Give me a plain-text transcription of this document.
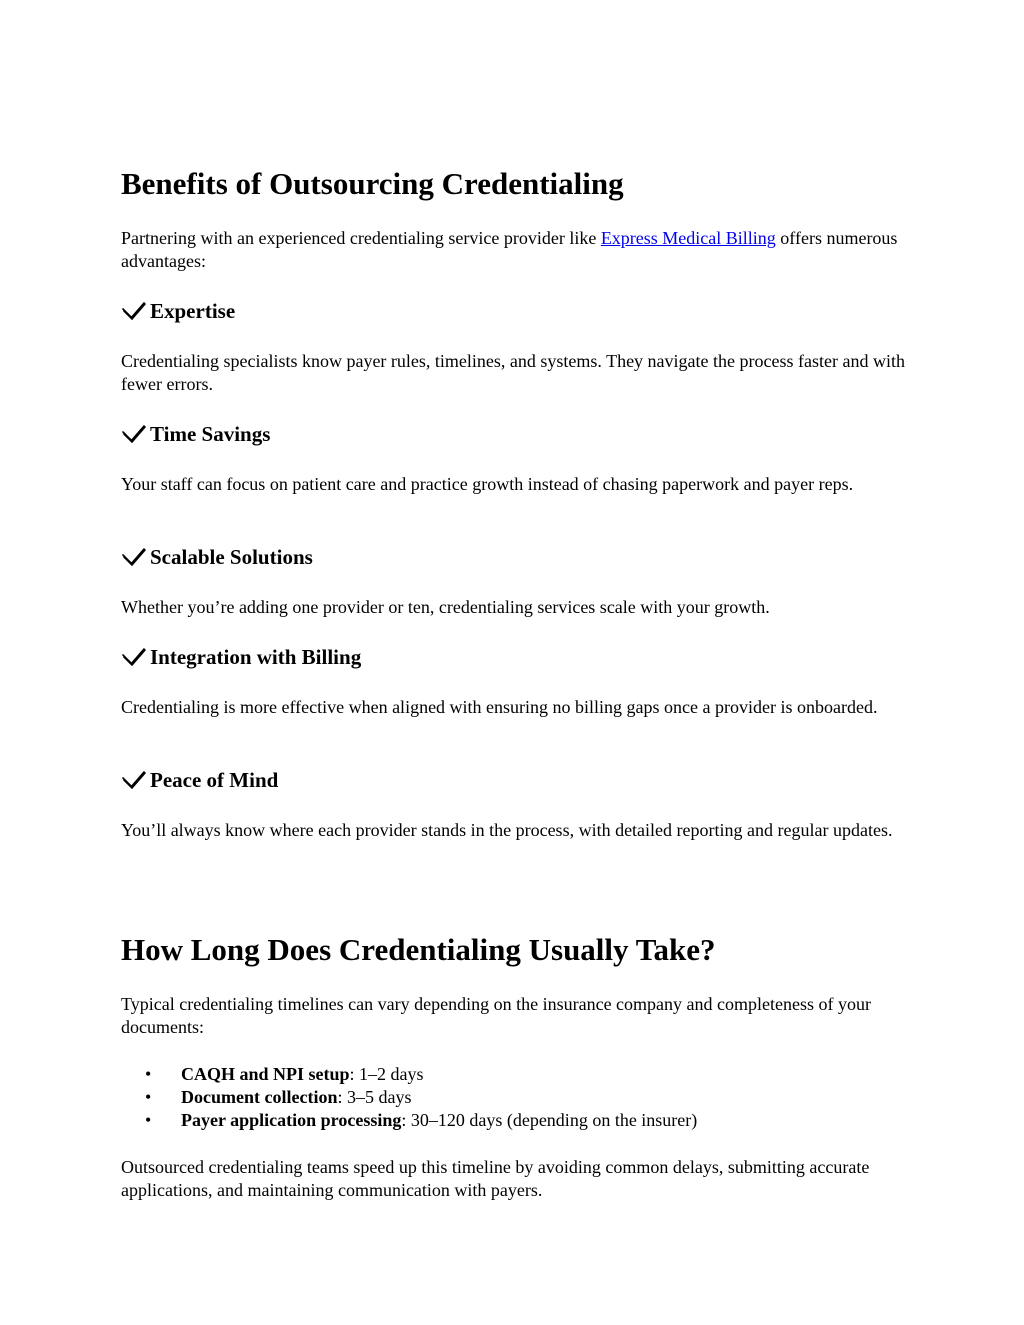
Benefits of Outsourcing Credentialing

Partnering with an experienced credentialing service provider like Express Medical Billing offers numerous advantages:

Expertise

Credentialing specialists know payer rules, timelines, and systems. They navigate the process faster and with fewer errors.

Time Savings

Your staff can focus on patient care and practice growth instead of chasing paperwork and payer reps.

Scalable Solutions

Whether you’re adding one provider or ten, credentialing services scale with your growth.

Integration with Billing

Credentialing is more effective when aligned with ensuring no billing gaps once a provider is onboarded.

Peace of Mind

You’ll always know where each provider stands in the process, with detailed reporting and regular updates.

How Long Does Credentialing Usually Take?

Typical credentialing timelines can vary depending on the insurance company and completeness of your documents:

• CAQH and NPI setup: 1–2 days
• Document collection: 3–5 days
• Payer application processing: 30–120 days (depending on the insurer)

Outsourced credentialing teams speed up this timeline by avoiding common delays, submitting accurate applications, and maintaining communication with payers.
